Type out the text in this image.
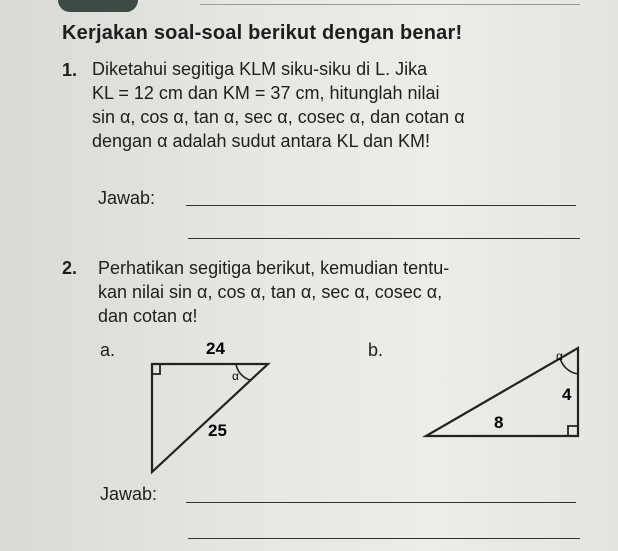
Kerjakan soal-soal berikut dengan benar!
1. Diketahui segitiga KLM siku-siku di L. Jika
KL = 12 cm dan KM = 37 cm, hitunglah nilai
sin α, cos α, tan α, sec α, cosec α, dan cotan α
dengan α adalah sudut antara KL dan KM!
Jawab:
2. Perhatikan segitiga berikut, kemudian tentu-
kan nilai sin α, cos α, tan α, sec α, cosec α,
dan cotan α!
a.	24
α
25
b.	α
4
8
Jawab:
